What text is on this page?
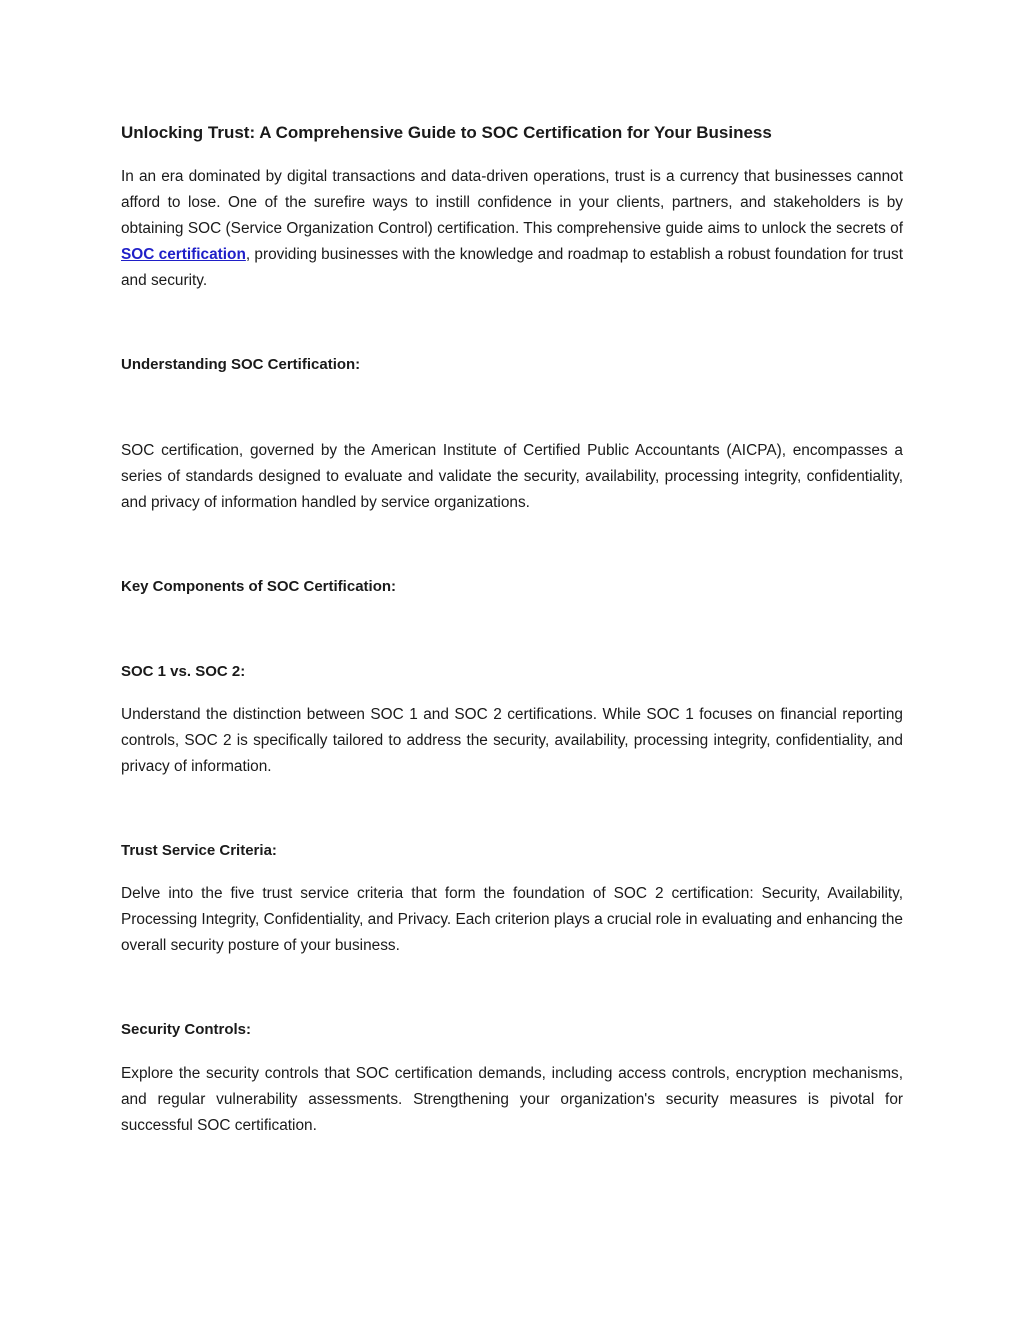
Unlocking Trust: A Comprehensive Guide to SOC Certification for Your Business

In an era dominated by digital transactions and data-driven operations, trust is a currency that businesses cannot afford to lose. One of the surefire ways to instill confidence in your clients, partners, and stakeholders is by obtaining SOC (Service Organization Control) certification. This comprehensive guide aims to unlock the secrets of SOC certification, providing businesses with the knowledge and roadmap to establish a robust foundation for trust and security.

Understanding SOC Certification:

SOC certification, governed by the American Institute of Certified Public Accountants (AICPA), encompasses a series of standards designed to evaluate and validate the security, availability, processing integrity, confidentiality, and privacy of information handled by service organizations.

Key Components of SOC Certification:
SOC 1 vs. SOC 2:

Understand the distinction between SOC 1 and SOC 2 certifications. While SOC 1 focuses on financial reporting controls, SOC 2 is specifically tailored to address the security, availability, processing integrity, confidentiality, and privacy of information.

Trust Service Criteria:

Delve into the five trust service criteria that form the foundation of SOC 2 certification: Security, Availability, Processing Integrity, Confidentiality, and Privacy. Each criterion plays a crucial role in evaluating and enhancing the overall security posture of your business.

Security Controls:

Explore the security controls that SOC certification demands, including access controls, encryption mechanisms, and regular vulnerability assessments. Strengthening your organization's security measures is pivotal for successful SOC certification.
